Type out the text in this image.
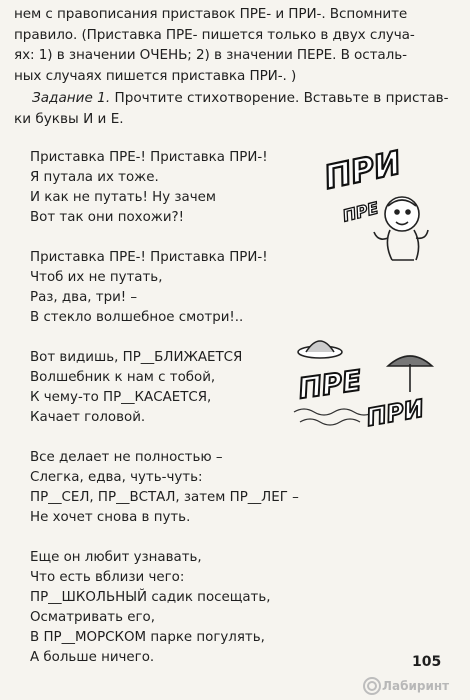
нем с правописания приставок ПРЕ- и ПРИ-. Вспомните
правило. (Приставка ПРЕ- пишется только в двух случа-
ях: 1) в значении ОЧЕНЬ; 2) в значении ПЕРЕ. В осталь-
ных случаях пишется приставка ПРИ-. )
Задание 1. Прочтите стихотворение. Вставьте в пристав-
ки буквы И и Е.
Приставка ПРЕ-! Приставка ПРИ-!
Я путала их тоже.
И как не путать! Ну зачем
Вот так они похожи?!
Приставка ПРЕ-! Приставка ПРИ-!
Чтоб их не путать,
Раз, два, три! –
В стекло волшебное смотри!..
Вот видишь, ПР__БЛИЖАЕТСЯ
Волшебник к нам с тобой,
К чему-то ПР__КАСАЕТСЯ,
Качает головой.
Все делает не полностью –
Слегка, едва, чуть-чуть:
ПР__СЕЛ, ПР__ВСТАЛ, затем ПР__ЛЕГ –
Не хочет снова в путь.
Еще он любит узнавать,
Что есть вблизи чего:
ПР__ШКОЛЬНЫЙ садик посещать,
Осматривать его,
В ПР__МОРСКОМ парке погулять,
А больше ничего.
ПРИ
ПРЕ
ПРЕ
ПРИ
105
Лабиринт
